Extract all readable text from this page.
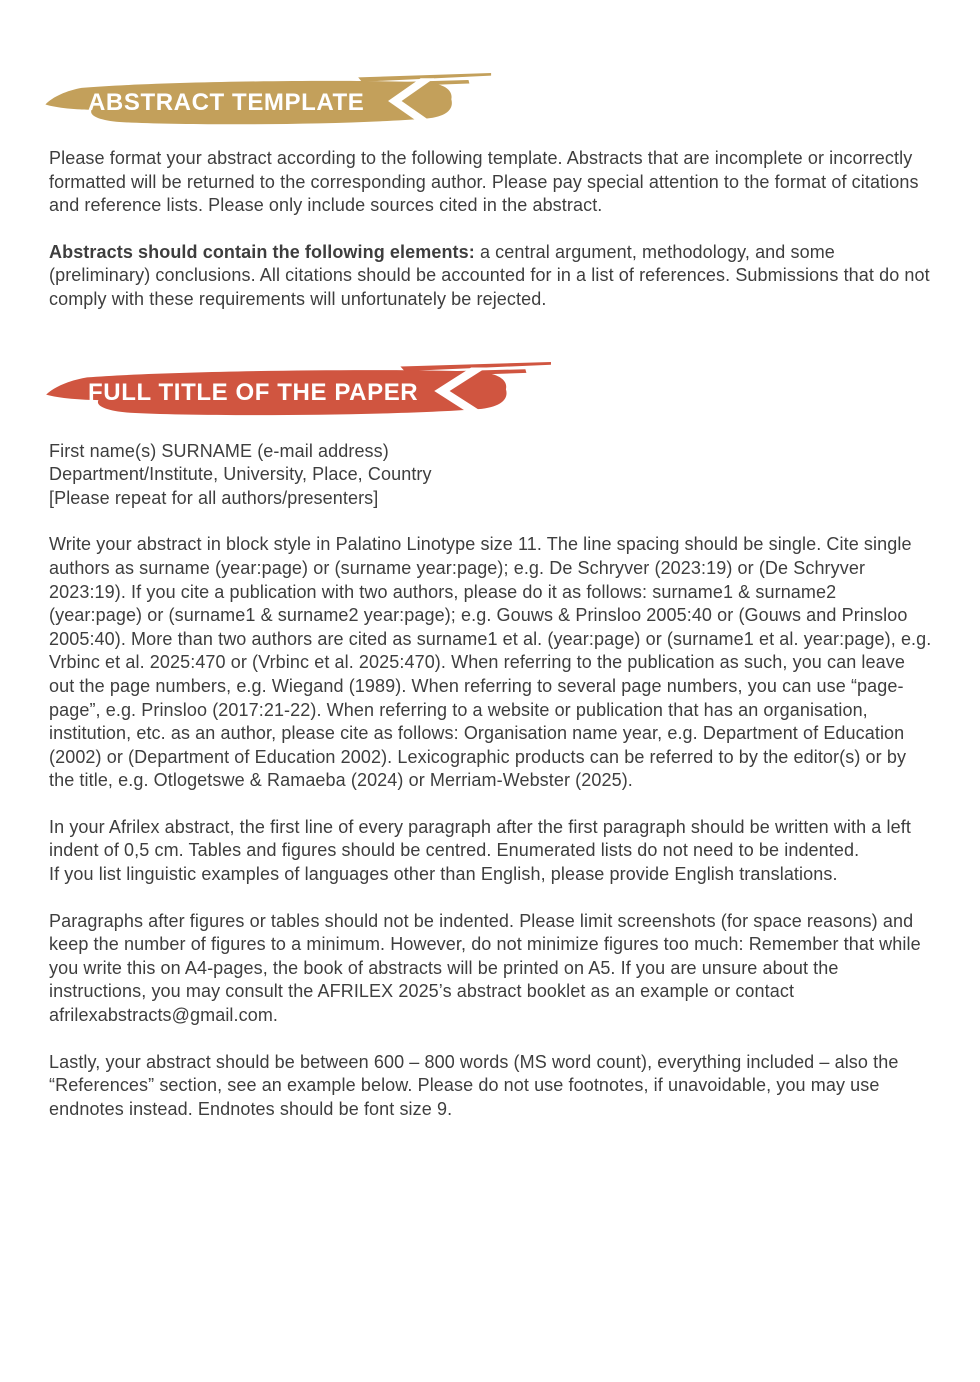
ABSTRACT TEMPLATE

Please format your abstract according to the following template. Abstracts that are incomplete or incorrectly formatted will be returned to the corresponding author. Please pay special attention to the format of citations and reference lists. Please only include sources cited in the abstract.

Abstracts should contain the following elements: a central argument, methodology, and some (preliminary) conclusions. All citations should be accounted for in a list of references. Submissions that do not comply with these requirements will unfortunately be rejected.

FULL TITLE OF THE PAPER
First name(s) SURNAME (e-mail address)
Department/Institute, University, Place, Country
[Please repeat for all authors/presenters]

Write your abstract in block style in Palatino Linotype size 11. The line spacing should be single. Cite single authors as surname (year:page) or (surname year:page); e.g. De Schryver (2023:19) or (De Schryver 2023:19). If you cite a publication with two authors, please do it as follows: surname1 & surname2 (year:page) or (surname1 & surname2 year:page); e.g. Gouws & Prinsloo 2005:40 or (Gouws and Prinsloo 2005:40). More than two authors are cited as surname1 et al. (year:page) or (surname1 et al. year:page), e.g. Vrbinc et al. 2025:470 or (Vrbinc et al. 2025:470). When referring to the publication as such, you can leave out the page numbers, e.g. Wiegand (1989). When referring to several page numbers, you can use “page-page”, e.g. Prinsloo (2017:21-22). When referring to a website or publication that has an organisation, institution, etc. as an author, please cite as follows: Organisation name year, e.g. Department of Education (2002) or (Department of Education 2002). Lexicographic products can be referred to by the editor(s) or by the title, e.g. Otlogetswe & Ramaeba (2024) or Merriam-Webster (2025).

In your Afrilex abstract, the first line of every paragraph after the first paragraph should be written with a left indent of 0,5 cm. Tables and figures should be centred. Enumerated lists do not need to be indented.

If you list linguistic examples of languages other than English, please provide English translations.

Paragraphs after figures or tables should not be indented. Please limit screenshots (for space reasons) and keep the number of figures to a minimum. However, do not minimize figures too much: Remember that while you write this on A4-pages, the book of abstracts will be printed on A5. If you are unsure about the instructions, you may consult the AFRILEX 2025’s abstract booklet as an example or contact afrilexabstracts@gmail.com.

Lastly, your abstract should be between 600 – 800 words (MS word count), everything included – also the “References” section, see an example below. Please do not use footnotes, if unavoidable, you may use endnotes instead. Endnotes should be font size 9.
